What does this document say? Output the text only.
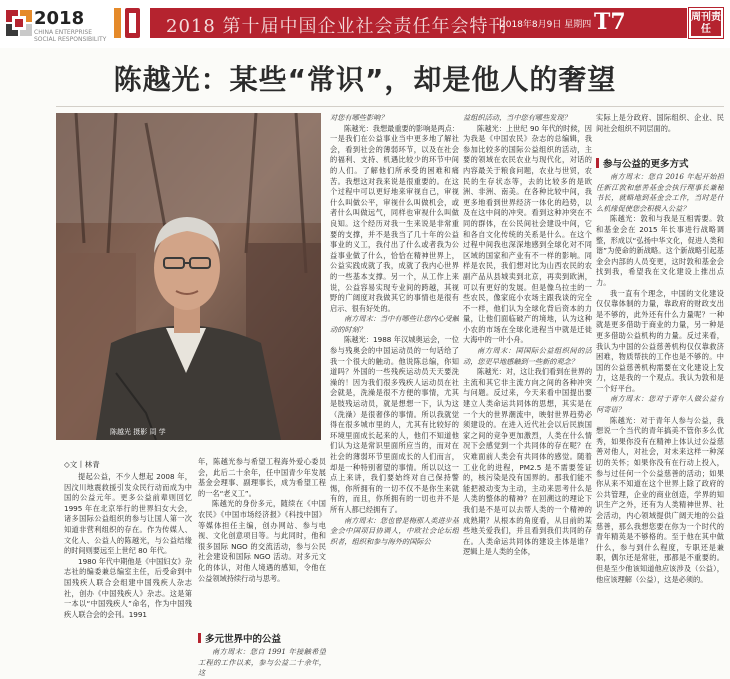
2018
CHINA ENTERPRISE SOCIAL RESPONSIBILITY
2018 第十届中国企业社会责任年会特刊
2018年8月9日 星期四 T7	周刊责任
陈越光：某些“常识”，却是他人的奢望
陈越光 摄影 周 学
◇文丨林青

提起公益，不少人想起 2008 年，因汶川地震救援引发众民行动而成为中国的公益元年。更多公益前辈则回忆 1995 年在北京举行的世界妇女大会，诸多国际公益组织的参与让国人第一次知道非营利组织的存在。作为传媒人、文化人、公益人的陈越光，与公益结缘的时间则要远至上世纪 80 年代。

1980 年代中期他是《中国妇女》杂志社的编委兼总编室主任，后受命到中国残疾人联合会组建中国残疾人杂志社，创办《中国残疾人》杂志。这是第一本以“中国残疾人”命名，作为中国残疾人联合会的会刊。1991

年，陈越光参与希望工程海外爱心委员会，此后二十余年，任中国青少年发展基金会理事、副理事长，成为希望工程的一名“老义工”。

陈越光的身份多元，随续在《中国农民》《中国市场经济报》《科技中国》等媒体担任主编，创办网站、参与电视、文化创意项目等。与此同时，他和很多国际 NGO 的交流活动，参与公民社会建设和国际 NGO 活动。对多元文化的体认，对他人境遇的感知，令他在公益领域持续行动与思考。

多元世界中的公益

南方周末：您自 1991 年接触希望工程的工作以来，参与公益二十余年，这

对您有哪些影响？

陈越光：我想最重要的影响是两点：一是我们在公益事业当中更多地了解社会，看到社会的薄弱环节，以及在社会的福利、支持、机遇比较少的环节中间的人们。了解他们所承受的困难和痛苦。我想这对我来说是很重要的。在这个过程中可以更好地来审视自己，审视什么叫做公平，审视什么叫做机会，或者什么叫做远气，同样也审视什么叫做良知。这个经历对我一生来说是非常重要的支撑，并不是我当了几十年的公益事业的义工，我付出了什么或者我为公益事业做了什么，恰恰在精神世界上，公益实践成就了我，成就了我内心世界的一些基本支撑。另一个，从工作上来说，公益容易实现专业间的跨越，其视野的广阔度对我做其它的事情也是很有启示、很有好处的。

南方周末：当中有哪些让您内心受触动的时刻？

陈越光：1988 年汉城奥运会，一位参与残奥会的中国运动员的一句话给了我一个很大的触动。他说陈总编，你知道吗？外国的一些残疾运动员天天要洗澡的！因为我们很多残疾人运动员在社会就是，洗澡是很不方便的事情，尤其是肢残运动员，就是想想一下，认为这（洗澡）是很奢侈的事情。所以我就觉得在很多城市里的人，尤其有比较好的环境里面成长起来的人，他们不知道他们认为这是常识里面所应当的，而对在社会的薄弱环节里面成长的人们而言，却是一种特别奢望的事情。所以以这一点上来讲，我们要始终对自己保持警惕，你所拥有的一切不仅不是你生来就有的，而且，你所拥有的一切也并不是所有人都已经拥有了。

南方周末：您也曾是梅那人类进步基金会中国项目协调人，中欧社会论坛组织者，组织和参与海外的国际公

益组织活动，当中您有哪些发现？

陈越光：上世纪 90 年代的时候，因为我是《中国农民》杂志的总编辑，我参加比较多的国际公益组织的活动，主要的领域在农民农业与现代化，对话的内容最关于粮食问题，农业与世贸，农民的生存状态等，去的比较多的是欧洲、非洲、南美。在各种比较中间，我更多地看到世界经济一体化的趋势，以及在这中间的冲突。看到这种冲突在不同的群体，在公民间社会建设中间，它和各自文化传统的关系是什么。在这个过程中间我也深深地感到全球化对不同区域的国家和产业有不一样的影响。同样是农民，我们想对比为山西农民的农副产品从县城卖到北京，再卖到欧洲，可以有更好的发展。但是像乌拉圭的一些农民，像家庭小农场主跟我谈的完全不一样，他们认为全球化背后资本的力量，让他们面临破产的境地，认为这种小农的市场在全球化进程当中就是迁徙大海中的一叶小舟。

南方周末：国国际公益组织间的活动，您更早地感触到一些新的观念？

陈越光：对，这让我们看到在世界的主流和其它非主流方向之间的各种冲突与问题。反过来，今天来看中国提出要建立人类命运共同体的思想，其实是在一个大的世界潮流中，映射世界趋势必须建设的。在进入近代社会以后民族国家之间的竞争更加激烈，人类在什么情况下会感觉到一个共同体的存在呢？在灾难面前人类会有共同体的感觉。随着工业化的进程，PM2.5 是不需要签证的，核污染是没有国界的。那我们能不能把被动变为主动，主动来思考什么是人类的整体的精神？在回溯这的理论下我们是不是可以去帮人类的一个精神的成熟期？从根本的角度看，从目前的某些地关爱我们，并且看到我们共同的存在。人类命运共同体的建设主体是谁？逻辑上是人类的全体，

实际上是分政府、国际组织、企业、民间社会组织不同层面的。

参与公益的更多方式

南方周末：您自 2016 年起开始担任新江敦和慈善基金会执行理事长兼秘书长，就略地到基金会工作，当时是什么机缘促使您会积极入公益？

陈越光：敦和与我是互相需要。敦和基金会在 2015 年长事进行战略调整，形成以“弘扬中华文化，促进人类和谐”为使命的新战略。这个新战略引起基金会内部的人员变更，这时敦和基金会找到我，希望我在文化建设上推出点力。

我一直有个理念，中国的文化建设仅仅靠体制的力量，靠政府的财政支出是不够的，此外还有什么力量呢？一种就是更多借助于商业的力量，另一种是更多借助公益机构的力量。反过来看，我认为中国的公益慈善机构仅仅靠救济困难，物质帮扶的工作也是不够的。中国的公益慈善机构需要在文化建设上发力，这是我的一个观点。我认为敦和是一个好平台。

南方周末：您对于青年人做公益有何寄语？

陈越光：对于青年人参与公益，我想说一个当代的青年搞美不管你多么优秀，如果你没有在精神上体认过公益慈善对他人，对社会，对未来这样一种深切的关怀；如果你没有在行动上投入，参与过任何一个公益慈善的活动；如果你从来不知道在这个世界上除了政府的公共管理，企业的商业创造，学界的知识生产之外，还有为人类精神世界、社会活动，内心领域提供广阔天地的公益慈善，那么我想您要在你为一个时代的青年精英是不够格的。至于他在其中做什么，参与到什么程度，专职还是兼职，偶尔还是常驻，那都是不重要的。但是至少他该知道他应该涉及（公益），他应该理解（公益），这是必须的。
